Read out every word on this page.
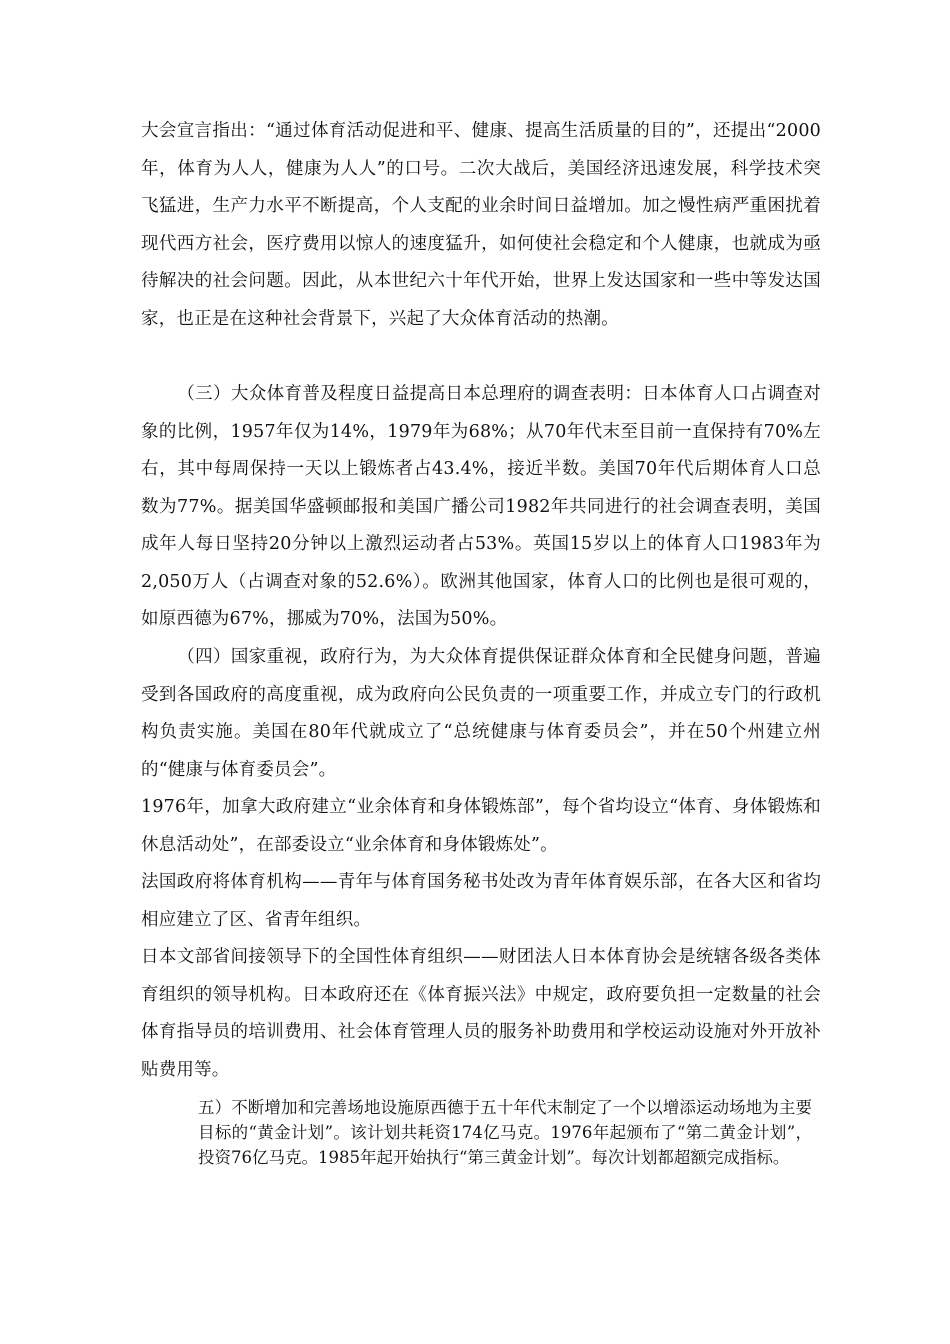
大会宣言指出：“通过体育活动促进和平、健康、提高生活质量的目的”，还提出“2000年，体育为人人，健康为人人”的口号。二次大战后，美国经济迅速发展，科学技术突飞猛进，生产力水平不断提高，个人支配的业余时间日益增加。加之慢性病严重困扰着现代西方社会，医疗费用以惊人的速度猛升，如何使社会稳定和个人健康，也就成为亟待解决的社会问题。因此，从本世纪六十年代开始，世界上发达国家和一些中等发达国家，也正是在这种社会背景下，兴起了大众体育活动的热潮。

（三）大众体育普及程度日益提高日本总理府的调查表明：日本体育人口占调查对象的比例，1957年仅为14%，1979年为68%；从70年代末至目前一直保持有70%左右，其中每周保持一天以上锻炼者占43.4%，接近半数。美国70年代后期体育人口总数为77%。据美国华盛顿邮报和美国广播公司1982年共同进行的社会调查表明，美国成年人每日坚持20分钟以上激烈运动者占53%。英国15岁以上的体育人口1983年为2,050万人（占调查对象的52.6%）。欧洲其他国家，体育人口的比例也是很可观的，如原西德为67%，挪威为70%，法国为50%。

（四）国家重视，政府行为，为大众体育提供保证群众体育和全民健身问题，普遍受到各国政府的高度重视，成为政府向公民负责的一项重要工作，并成立专门的行政机构负责实施。美国在80年代就成立了“总统健康与体育委员会”，并在50个州建立州的“健康与体育委员会”。

1976年，加拿大政府建立“业余体育和身体锻炼部”，每个省均设立“体育、身体锻炼和休息活动处”，在部委设立“业余体育和身体锻炼处”。

法国政府将体育机构——青年与体育国务秘书处改为青年体育娱乐部，在各大区和省均相应建立了区、省青年组织。

日本文部省间接领导下的全国性体育组织——财团法人日本体育协会是统辖各级各类体育组织的领导机构。日本政府还在《体育振兴法》中规定，政府要负担一定数量的社会体育指导员的培训费用、社会体育管理人员的服务补助费用和学校运动设施对外开放补贴费用等。

五）不断增加和完善场地设施原西德于五十年代末制定了一个以增添运动场地为主要目标的“黄金计划”。该计划共耗资174亿马克。1976年起颁布了“第二黄金计划”，投资76亿马克。1985年起开始执行“第三黄金计划”。每次计划都超额完成指标。
